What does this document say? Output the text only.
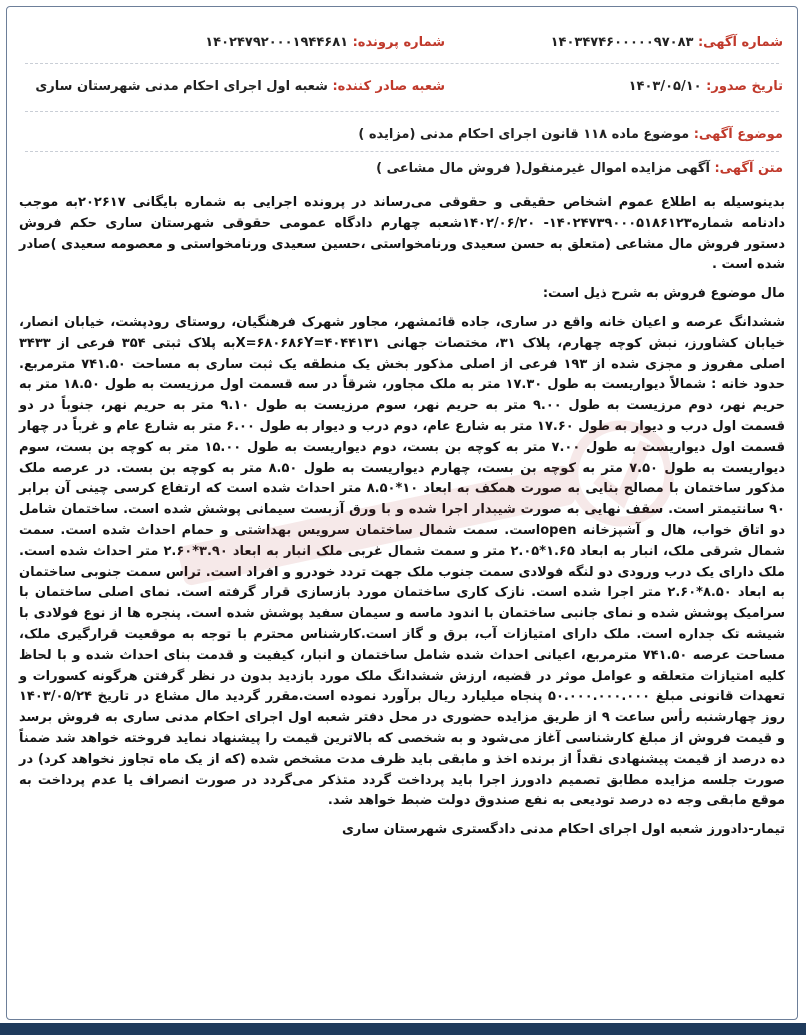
شماره آگهی: ۱۴۰۳۴۷۴۶۰۰۰۰۰۹۷۰۸۳
شماره پرونده: ۱۴۰۲۴۷۹۲۰۰۰۱۹۴۴۶۸۱
تاریخ صدور: ۱۴۰۳/۰۵/۱۰
شعبه صادر کننده: شعبه اول اجرای احکام مدنی شهرستان ساری
موضوع آگهی: موضوع ماده ۱۱۸ قانون اجرای احکام مدنی (مزایده )
متن آگهی: آگهی مزایده اموال غیرمنقول( فروش مال مشاعی )

بدینوسیله به اطلاع عموم اشخاص حقیقی و حقوقی می‌رساند در پرونده اجرایی به شماره بایگانی ۲۰۲۶۱۷به موجب دادنامه شماره۱۴۰۲۴۷۳۹۰۰۰۵۱۸۶۱۲۳- ۱۴۰۲/۰۶/۲۰شعبه چهارم دادگاه عمومی حقوقی شهرستان ساری حکم فروش دستور فروش مال مشاعی (متعلق به حسن سعیدی ورنامخواستی ،حسین سعیدی ورنامخواستی و معصومه سعیدی )صادر شده است .

مال موضوع فروش به شرح ذیل است:

ششدانگ عرصه و اعیان خانه واقع در ساری، جاده قائمشهر، مجاور شهرک فرهنگیان، روستای رودپشت، خیابان انصار، خیابان کشاورز، نبش کوچه چهارم، پلاک ۳۱، مختصات جهانی X=۶۸۰۶۸۶Y=۴۰۴۴۱۳۱به پلاک ثبتی ۳۵۴ فرعی از ۳۴۳۳ اصلی مفروز و مجزی شده از ۱۹۳ فرعی از اصلی مذکور بخش یک منطقه یک ثبت ساری به مساحت ۷۴۱.۵۰ مترمربع. حدود خانه : شمالاً دیواریست به طول ۱۷.۳۰ متر به ملک مجاور، شرقاً در سه قسمت اول مرزیست به طول ۱۸.۵۰ متر به حریم نهر، دوم مرزیست به طول ۹.۰۰ متر به حریم نهر، سوم مرزیست به طول ۹.۱۰ متر به حریم نهر، جنوباً در دو قسمت اول درب و دیوار به طول ۱۷.۶۰ متر به شارع عام، دوم درب و دیوار به طول ۶.۰۰ متر به شارع عام و غرباً در چهار قسمت اول دیواریست به طول ۷.۰۰ متر به کوچه بن بست، دوم دیواریست به طول ۱۵.۰۰ متر به کوچه بن بست، سوم دیواریست به طول ۷.۵۰ متر به کوچه بن بست، چهارم دیواریست به طول ۸.۵۰ متر به کوچه بن بست. در عرصه ملک مذکور ساختمان با مصالح بنایی به صورت همکف به ابعاد ۱۰*۸.۵۰ متر احداث شده است که ارتفاع کرسی چینی آن برابر ۹۰ سانتیمتر است. سقف نهایی به صورت شیبدار اجرا شده و با ورق آزبست سیمانی پوشش شده است. ساختمان شامل دو اتاق خواب، هال و آشپزخانه openاست. سمت شمال ساختمان سرویس بهداشتی و حمام احداث شده است. سمت شمال شرقی ملک، انبار به ابعاد ۱.۶۵*۲.۰۵ متر و سمت شمال غربی ملک انبار به ابعاد ۳.۹۰*۲.۶۰ متر احداث شده است. ملک دارای یک درب ورودی دو لنگه فولادی سمت جنوب ملک جهت تردد خودرو و افراد است. تراس سمت جنوبی ساختمان به ابعاد ۸.۵۰*۲.۶۰ متر اجرا شده است. نازک کاری ساختمان مورد بازسازی قرار گرفته است. نمای اصلی ساختمان با سرامیک پوشش شده و نمای جانبی ساختمان با اندود ماسه و سیمان سفید پوشش شده است. پنجره ها از نوع فولادی با شیشه تک جداره است. ملک دارای امتیازات آب، برق و گاز است.کارشناس محترم با توجه به موقعیت قرارگیری ملک، مساحت عرصه ۷۴۱.۵۰ مترمربع، اعیانی احداث شده شامل ساختمان و انبار، کیفیت و قدمت بنای احداث شده و با لحاظ کلیه امتیازات متعلقه و عوامل موثر در قضیه، ارزش ششدانگ ملک مورد بازدید بدون در نظر گرفتن هرگونه کسورات و تعهدات قانونی مبلغ ۵۰.۰۰۰.۰۰۰.۰۰۰ پنجاه میلیارد ریال برآورد نموده است.مقرر گردید مال مشاع در تاریخ ۱۴۰۳/۰۵/۲۴ روز چهارشنبه رأس ساعت ۹ از طریق مزایده حضوری در محل دفتر شعبه اول اجرای احکام مدنی ساری به فروش برسد و قیمت فروش از مبلغ کارشناسی آغاز می‌شود و به شخصی که بالاترین قیمت را پیشنهاد نماید فروخته خواهد شد ضمناً ده درصد از قیمت پیشنهادی نقداً از برنده اخذ و مابقی باید ظرف مدت مشخص شده (که از یک ماه تجاوز نخواهد کرد) در صورت جلسه مزایده مطابق تصمیم دادورز اجرا باید پرداخت گردد متذکر می‌گردد در صورت انصراف یا عدم پرداخت به موقع مابقی وجه ده درصد تودیعی به نفع صندوق دولت ضبط خواهد شد.

تیمار-دادورز شعبه اول اجرای احکام مدنی دادگستری شهرستان ساری
